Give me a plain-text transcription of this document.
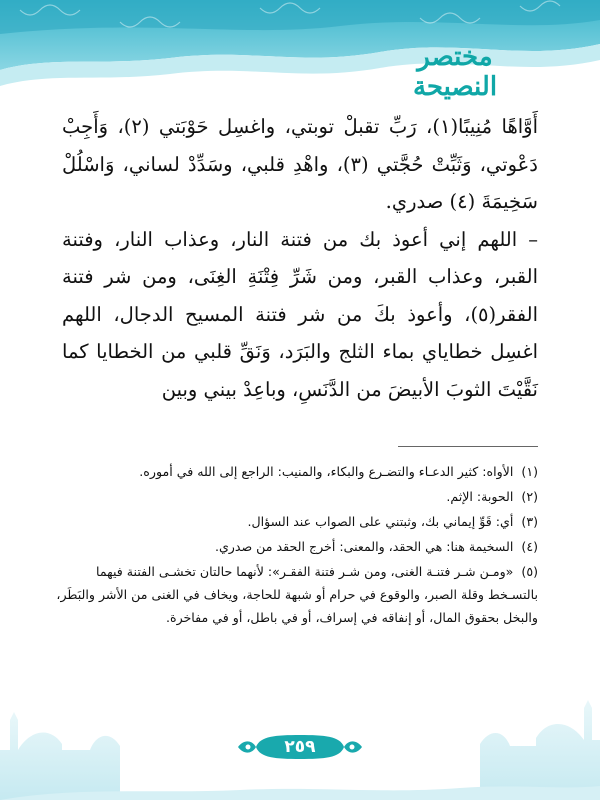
مختصر النصيحة

أَوَّاهًا مُنِيبًا(١)، رَبِّ تقبلْ توبتي، واغسِل حَوْبَتي (٢)، وَأَجِبْ دَعْوتي، وَثَبِّتْ حُجَّتي (٣)، واهْدِ قلبي، وسَدِّدْ لساني، وَاسْلُلْ سَخِيمَةَ (٤) صدري.

– اللهم إني أعوذ بك من فتنة النار، وعذاب النار، وفتنة القبر، وعذاب القبر، ومن شَرِّ فِتْنَةِ الغِنَى، ومن شر فتنة الفقر(٥)، وأعوذ بكَ من شر فتنة المسيح الدجال، اللهم اغسِل خطاياي بماء الثلج والبَرَد، وَنَقِّ قلبي من الخطايا كما نَقَّيْتَ الثوبَ الأبيضَ من الدَّنَسِ، وباعِدْ بيني وبين

(١) الأواه: كثير الدعـاء والتضـرع والبكاء، والمنيب: الراجع إلى الله في أموره.

(٢) الحوبة: الإثم.

(٣) أي: قَوِّ إيماني بك، وثبتني على الصواب عند السؤال.

(٤) السخيمة هنا: هي الحقد، والمعنى: أخرج الحقد من صدري.

(٥) «ومـن شـر فتنـة الغنى، ومن شـر فتنة الفقـر»: لأنهما حالتان تخشـى الفتنة فيهما بالتسـخط وقلة الصبر، والوقوع في حرام أو شبهة للحاجة، ويخاف في الغنى من الأشر والبَطَر، والبخل بحقوق المال، أو إنفاقه في إسراف، أو في باطل، أو في مفاخرة.

٢٥٩
